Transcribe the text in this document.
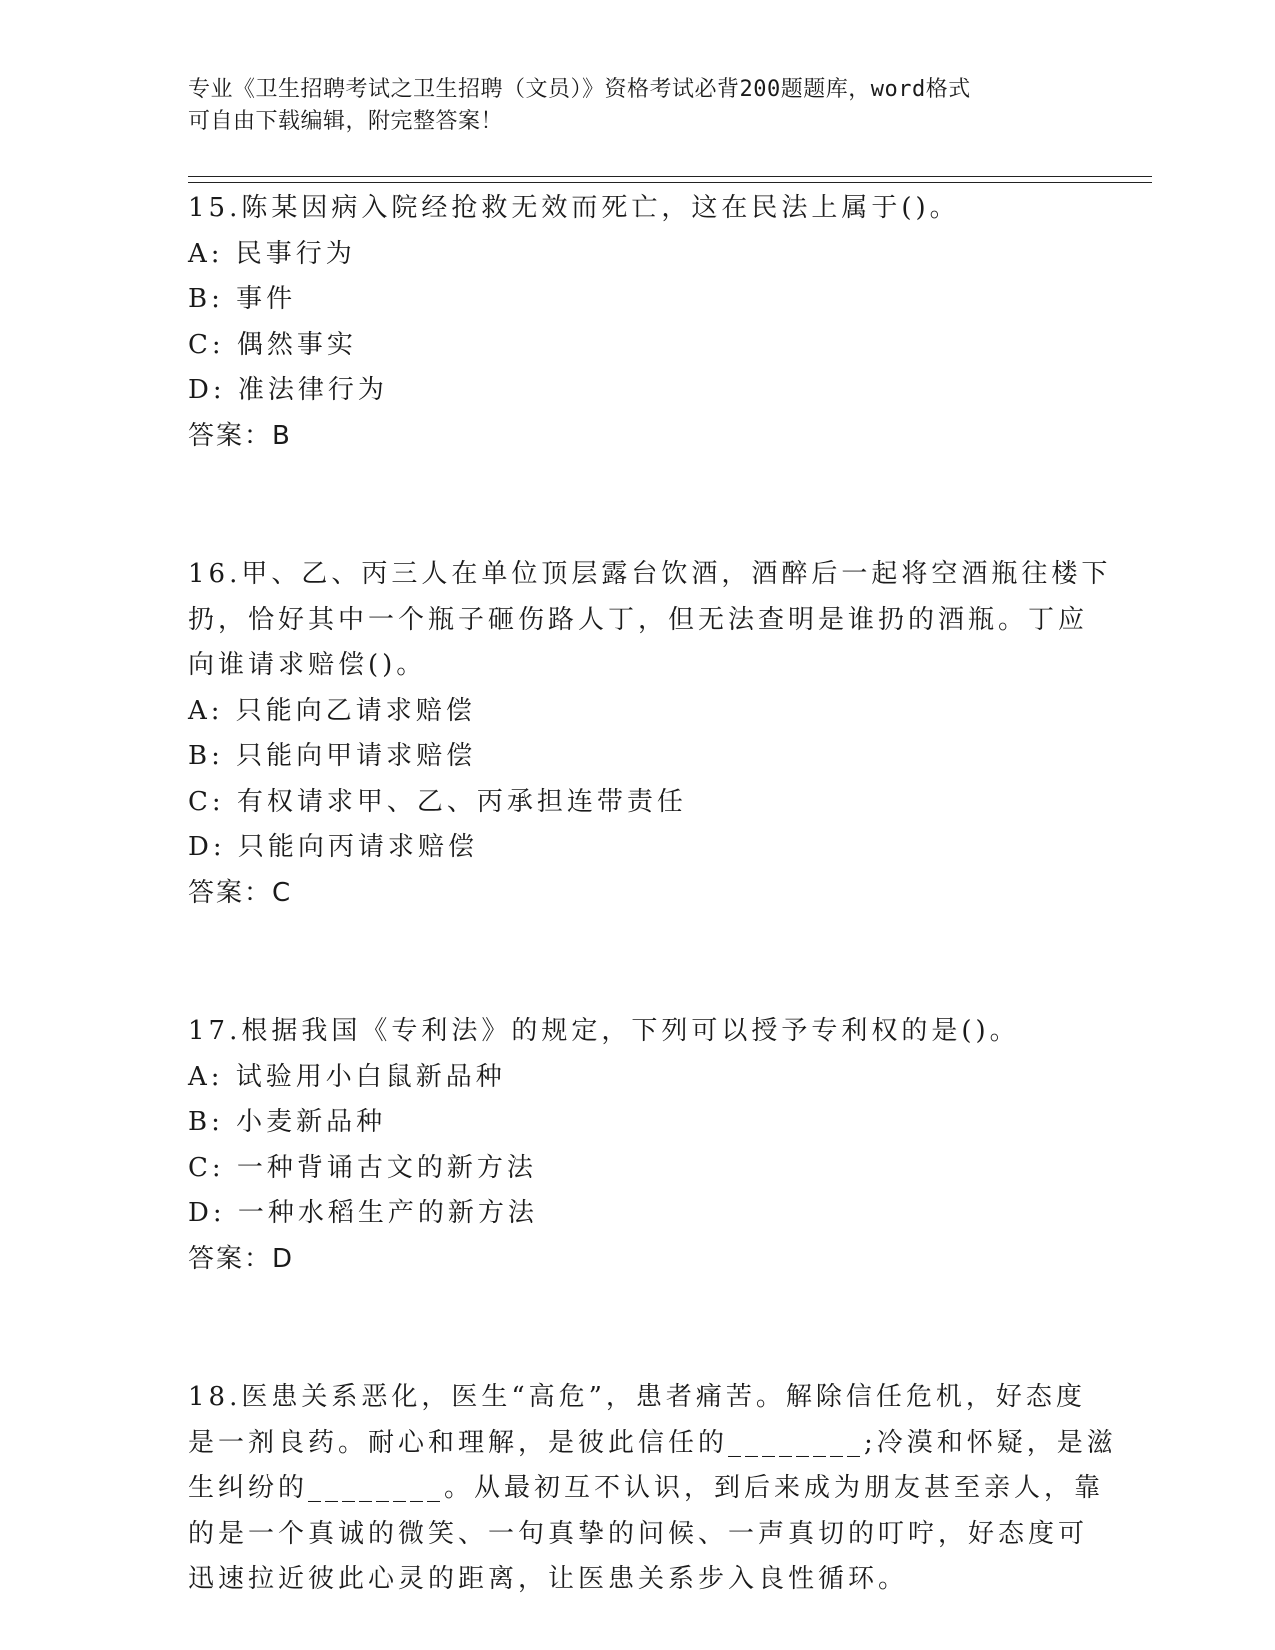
专业《卫生招聘考试之卫生招聘（文员）》资格考试必背200题题库，word格式
可自由下载编辑，附完整答案！
15.陈某因病入院经抢救无效而死亡，这在民法上属于()。
A: 民事行为
B: 事件
C: 偶然事实
D: 准法律行为
答案：B
16.甲、乙、丙三人在单位顶层露台饮酒，酒醉后一起将空酒瓶往楼下
扔，恰好其中一个瓶子砸伤路人丁，但无法查明是谁扔的酒瓶。丁应
向谁请求赔偿()。
A: 只能向乙请求赔偿
B: 只能向甲请求赔偿
C: 有权请求甲、乙、丙承担连带责任
D: 只能向丙请求赔偿
答案：C
17.根据我国《专利法》的规定，下列可以授予专利权的是()。
A: 试验用小白鼠新品种
B: 小麦新品种
C: 一种背诵古文的新方法
D: 一种水稻生产的新方法
答案：D
18.医患关系恶化，医生“高危”，患者痛苦。解除信任危机，好态度
是一剂良药。耐心和理解，是彼此信任的________;冷漠和怀疑，是滋
生纠纷的________。从最初互不认识，到后来成为朋友甚至亲人，靠
的是一个真诚的微笑、一句真挚的问候、一声真切的叮咛，好态度可
迅速拉近彼此心灵的距离，让医患关系步入良性循环。
